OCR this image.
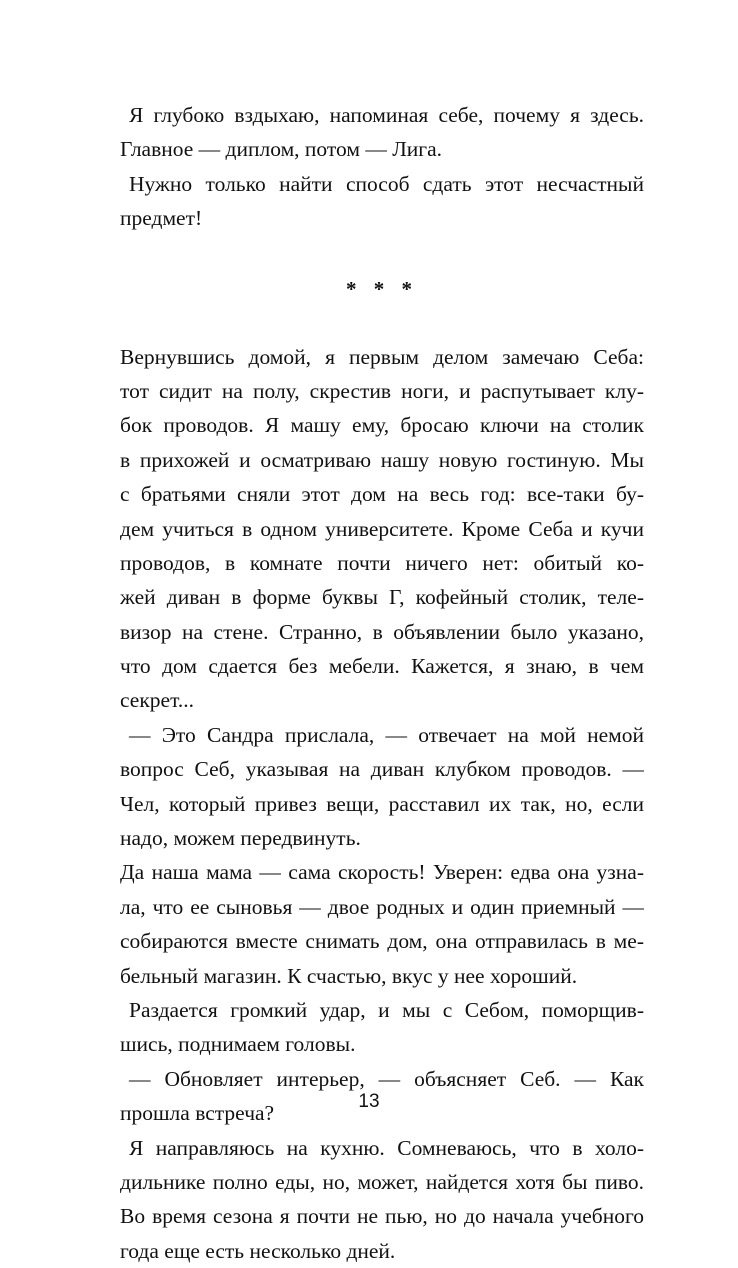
Я глубоко вздыхаю, напоминая себе, почему я здесь.
Главное — диплом, потом — Лига.
Нужно только найти способ сдать этот несчастный
предмет!
* * *
Вернувшись домой, я первым делом замечаю Себа:
тот сидит на полу, скрестив ноги, и распутывает клу-
бок проводов. Я машу ему, бросаю ключи на столик
в прихожей и осматриваю нашу новую гостиную. Мы
с братьями сняли этот дом на весь год: все-таки бу-
дем учиться в одном университете. Кроме Себа и кучи
проводов, в комнате почти ничего нет: обитый ко-
жей диван в форме буквы Г, кофейный столик, теле-
визор на стене. Странно, в объявлении было указано,
что дом сдается без мебели. Кажется, я знаю, в чем
секрет...
— Это Сандра прислала, — отвечает на мой немой
вопрос Себ, указывая на диван клубком проводов. —
Чел, который привез вещи, расставил их так, но, если
надо, можем передвинуть.
Да наша мама — сама скорость! Уверен: едва она узна-
ла, что ее сыновья — двое родных и один приемный —
собираются вместе снимать дом, она отправилась в ме-
бельный магазин. К счастью, вкус у нее хороший.
Раздается громкий удар, и мы с Себом, поморщив-
шись, поднимаем головы.
— Обновляет интерьер, — объясняет Себ. — Как
прошла встреча?
Я направляюсь на кухню. Сомневаюсь, что в холо-
дильнике полно еды, но, может, найдется хотя бы пиво.
Во время сезона я почти не пью, но до начала учебного
года еще есть несколько дней.
13
